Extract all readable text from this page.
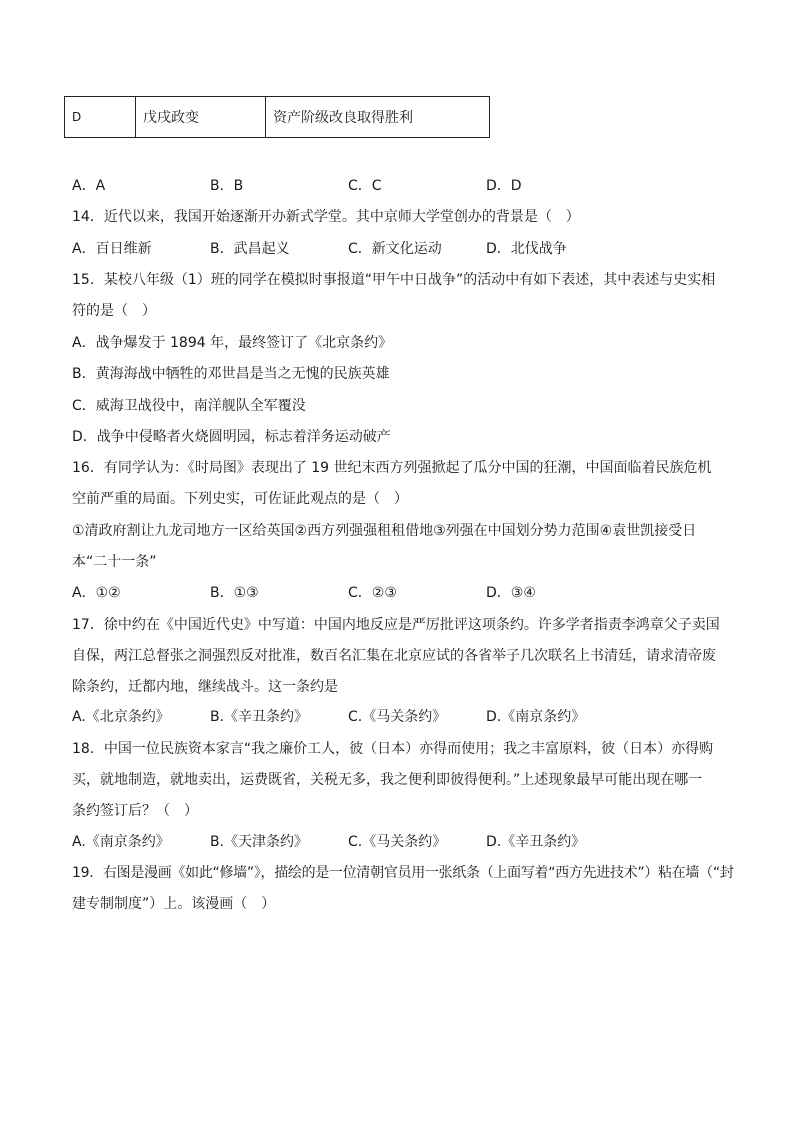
D	戊戌政变	资产阶级改良取得胜利
A．A	B．B	C．C	D．D
14．近代以来，我国开始逐渐开办新式学堂。其中京师大学堂创办的背景是（　）
A．百日维新	B．武昌起义	C．新文化运动	D．北伐战争
15．某校八年级（1）班的同学在模拟时事报道“甲午中日战争”的活动中有如下表述，其中表述与史实相
符的是（　）
A．战争爆发于 1894 年，最终签订了《北京条约》
B．黄海海战中牺牲的邓世昌是当之无愧的民族英雄
C．威海卫战役中，南洋舰队全军覆没
D．战争中侵略者火烧圆明园，标志着洋务运动破产
16．有同学认为：《时局图》表现出了 19 世纪末西方列强掀起了瓜分中国的狂潮，中国面临着民族危机
空前严重的局面。下列史实，可佐证此观点的是（　）
①清政府割让九龙司地方一区给英国②西方列强强租租借地③列强在中国划分势力范围④袁世凯接受日
本“二十一条”
A．①②	B．①③	C．②③	D．③④
17．徐中约在《中国近代史》中写道：中国内地反应是严厉批评这项条约。许多学者指责李鸿章父子卖国
自保，两江总督张之洞强烈反对批准，数百名汇集在北京应试的各省举子几次联名上书清廷，请求清帝废
除条约，迁都内地，继续战斗。这一条约是
A.《北京条约》	B.《辛丑条约》	C.《马关条约》	D.《南京条约》
18．中国一位民族资本家言“我之廉价工人，彼（日本）亦得而使用；我之丰富原料，彼（日本）亦得购
买，就地制造，就地卖出，运费既省，关税无多，我之便利即彼得便利。”上述现象最早可能出现在哪一
条约签订后？（　）
A.《南京条约》	B.《天津条约》	C.《马关条约》	D.《辛丑条约》
19．右图是漫画《如此“修墙”》，描绘的是一位清朝官员用一张纸条（上面写着“西方先进技术”）粘在墙（“封
建专制制度”）上。该漫画（　）
